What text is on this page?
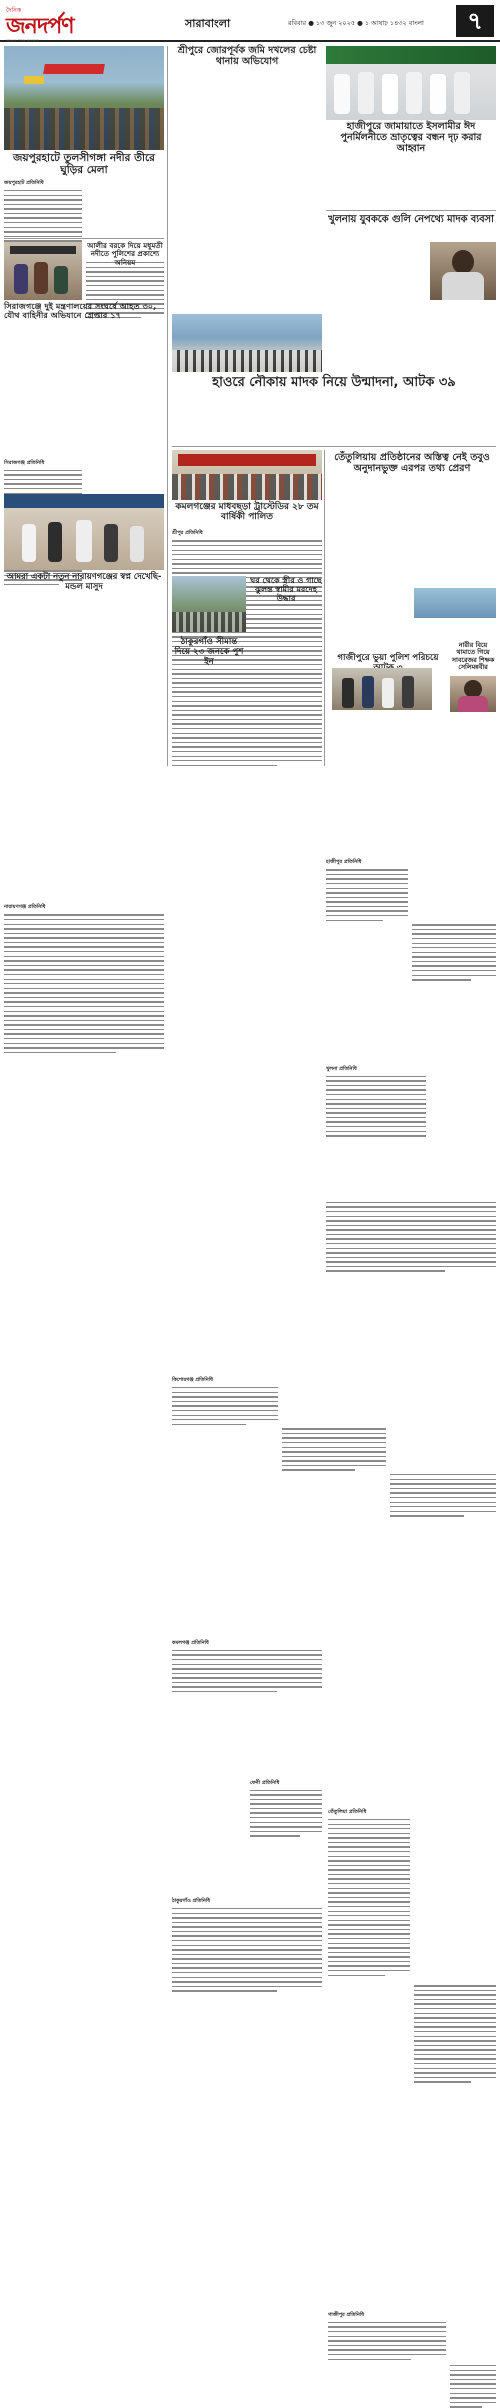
দৈনিক
জনদর্পণ
সত্যের পক্ষে সবসময়
সারাবাংলা	রবিবার ● ১৩ জুন ২০২৫ ● ১ আষাঢ় ১৪৩২ বাংলা	৭
জয়পুরহাটে তুলসীগঙ্গা নদীর তীরে ঘুড়ির মেলা
জয়পুরহাট প্রতিনিধি
আলীর বরকে দিয়ে মধুমতী নদীতে পুলিশের প্রকাশ্যে অনিয়ম
সিরাজগঞ্জে দুই মন্ত্রণালয়ের সংঘর্ষে আহত ৩০, যৌথ বাহিনীর অভিযানে গ্রেপ্তার ১৭
সিরাজগঞ্জ প্রতিনিধি
আমরা একটা নতুন নারায়ণগঞ্জের স্বপ্ন দেখেছি- মন্ডল মাসুদ
নারায়ণগঞ্জ প্রতিনিধি
শ্রীপুরে জোরপূর্বক জমি দখলের চেষ্টা থানায় অভিযোগ
শ্রীপুর প্রতিনিধি
হাজীপুরে জামায়াতে ইসলামীর ঈদ পুনর্মিলনীতে ভ্রাতৃত্বের বন্ধন দৃঢ় করার আহ্বান
হাজীপুর প্রতিনিধি
খুলনায় যুবককে গুলি নেপথ্যে মাদক ব্যবসা
খুলনা প্রতিনিধি
হাওরে নৌকায় মাদক নিয়ে উন্মাদনা, আটক ৩৯
কিশোরগঞ্জ প্রতিনিধি
কমলগঞ্জের মাধবছড়া ট্রাস্টেডির ২৮ তম বার্ষিকী পালিত
কমলগঞ্জ প্রতিনিধি
ঘর থেকে স্ত্রীর ও গাছে ঝুলন্ত স্বামীর মরদেহ উদ্ধার
ফেনী প্রতিনিধি
ঠাকুরগাঁও সীমান্ত দিয়ে ২৩ জনকে পুশ ইন
ঠাকুরগাঁও প্রতিনিধি
তেঁতুলিয়ায় প্রতিষ্ঠানের অস্তিত্ব নেই তবুও অনুদানভুক্ত এরপর তথ্য প্রেরণ
তেঁতুলিয়া প্রতিনিধি
গাজীপুরে ভুয়া পুলিশ পরিচয়ে
গাজীপুর প্রতিনিধি
নারীর বিয়ে থামাতে গিয়ে সাবরেজর শিক্ষক সেলিমন্নবীর
